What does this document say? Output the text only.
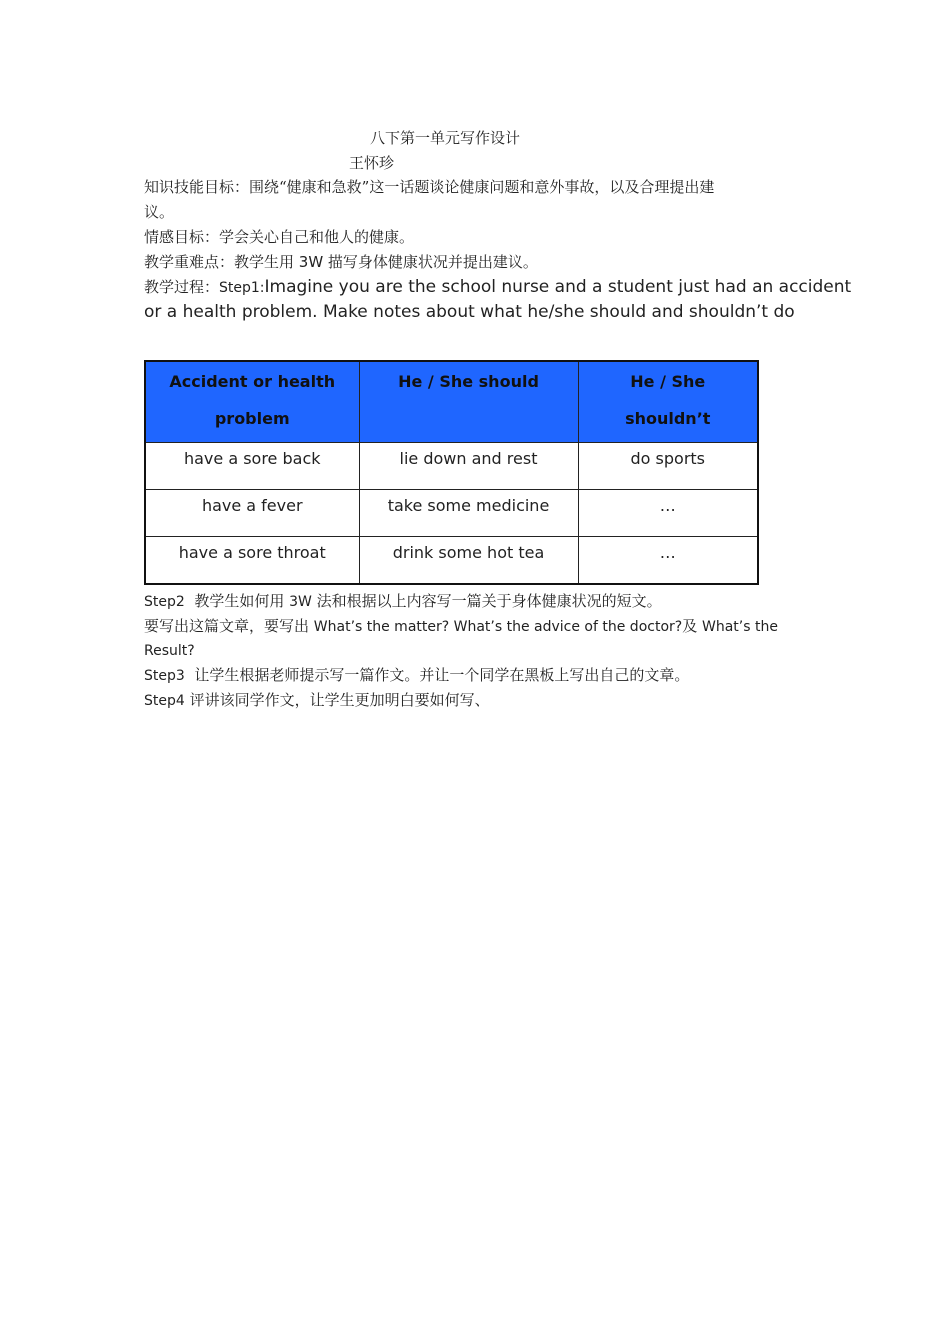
八下第一单元写作设计
王怀珍
知识技能目标：围绕“健康和急救”这一话题谈论健康问题和意外事故，以及合理提出建
议。
情感目标：学会关心自己和他人的健康。
教学重难点：教学生用 3W 描写身体健康状况并提出建议。
教学过程：Step1:Imagine you are the school nurse and a student just had an accident
or a health problem. Make notes about what he/she should and shouldn’t do
Accident or health
problem	He / She should	He / She shouldn’t
have a sore back	lie down and rest	do sports
have a fever	take some medicine	…
have a sore throat	drink some hot tea	…
Step2  教学生如何用 3W 法和根据以上内容写一篇关于身体健康状况的短文。
要写出这篇文章，要写出 What’s the matter? What’s the advice of the doctor?及 What’s the
Result?
Step3  让学生根据老师提示写一篇作文。并让一个同学在黑板上写出自己的文章。
Step4 评讲该同学作文，让学生更加明白要如何写、
